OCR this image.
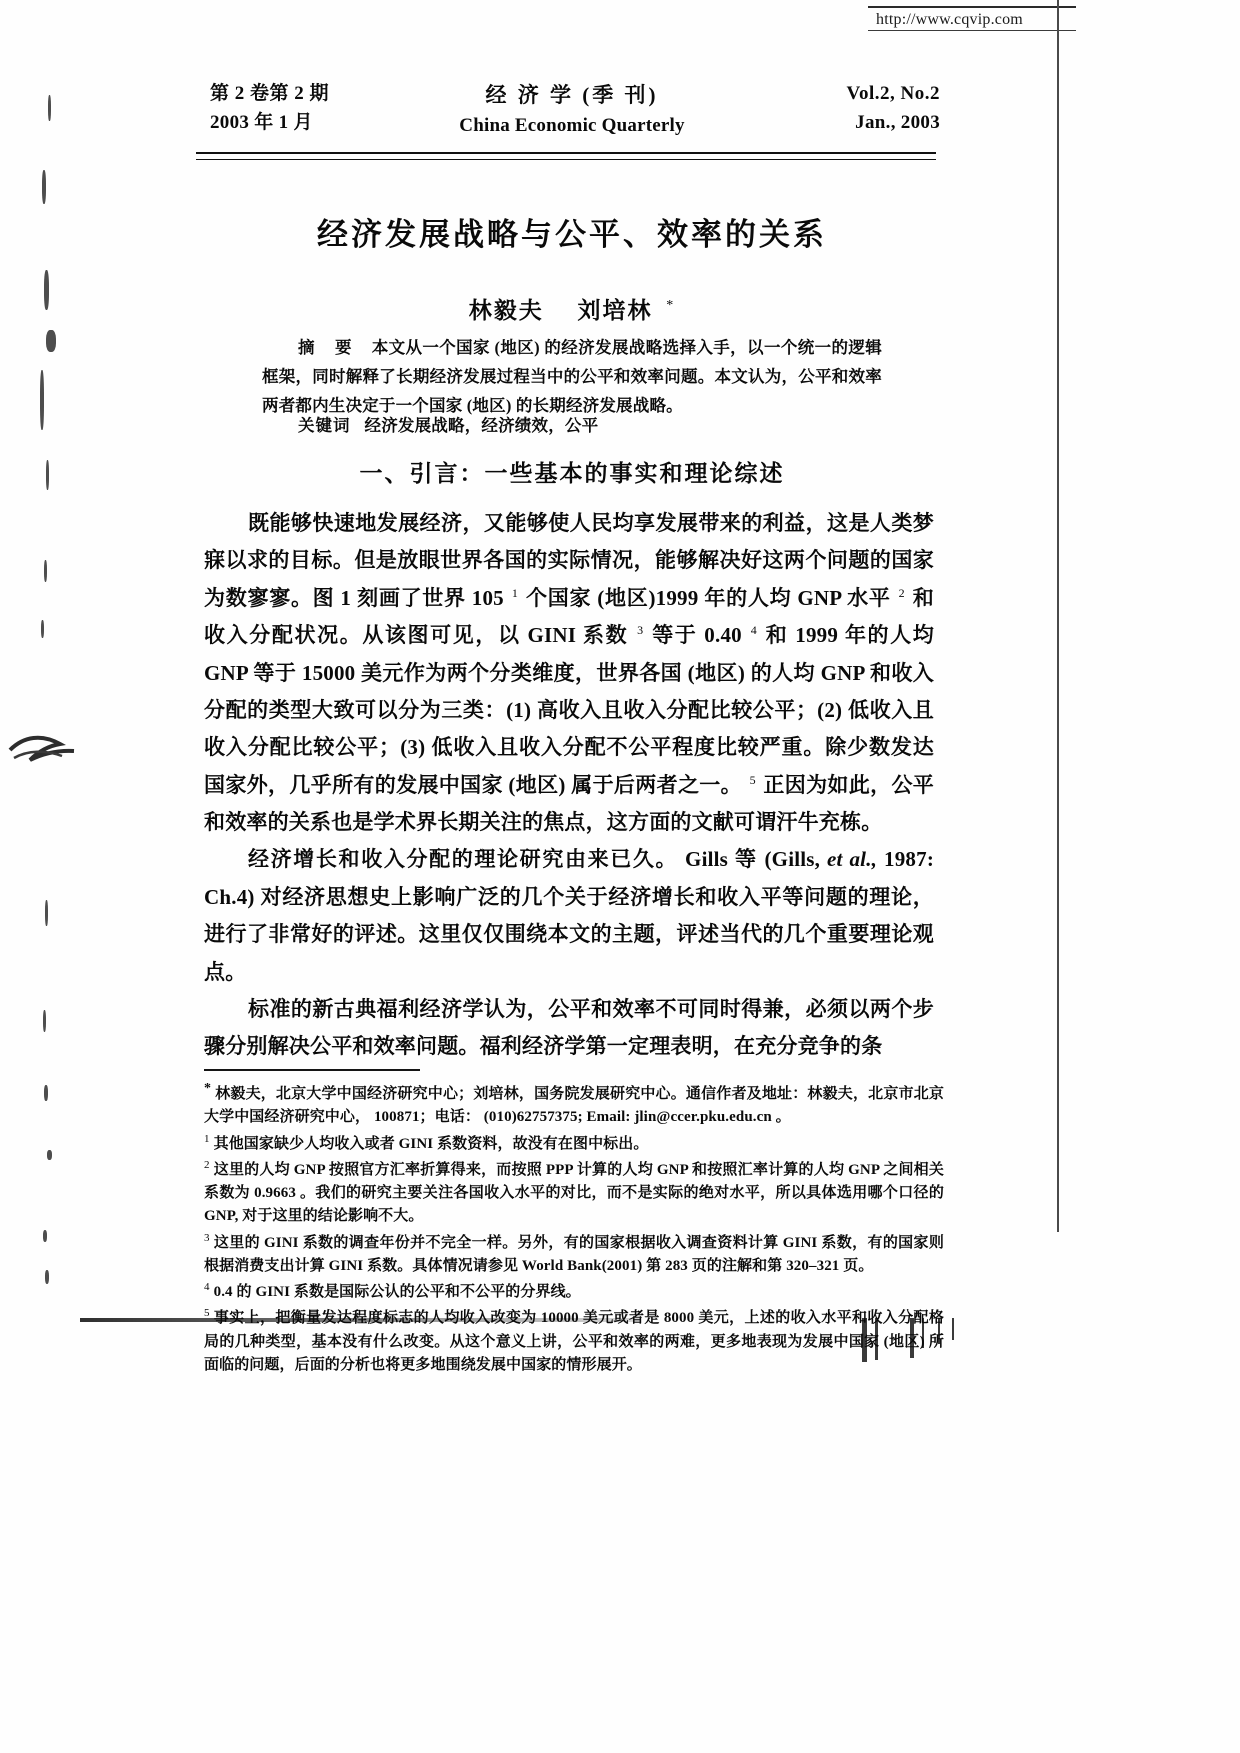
http://www.cqvip.com
第 2 卷第 2 期
2003 年 1 月
经 济 学 (季 刊)
China Economic Quarterly
Vol.2, No.2
Jan., 2003
经济发展战略与公平、效率的关系
林毅夫 刘培林 *

摘 要 本文从一个国家 (地区) 的经济发展战略选择入手，以一个统一的逻辑框架，同时解释了长期经济发展过程当中的公平和效率问题。本文认为，公平和效率两者都内生决定于一个国家 (地区) 的长期经济发展战略。

关键词 经济发展战略，经济绩效，公平
一、引言：一些基本的事实和理论综述

既能够快速地发展经济，又能够使人民均享发展带来的利益，这是人类梦寐以求的目标。但是放眼世界各国的实际情况，能够解决好这两个问题的国家为数寥寥。图 1 刻画了世界 105 $^1$ 个国家 (地区)1999 年的人均 GNP 水平 $^2$ 和收入分配状况。从该图可见，以 GINI 系数 $^3$ 等于 0.40 $^4$ 和 1999 年的人均 GNP 等于 15000 美元作为两个分类维度，世界各国 (地区) 的人均 GNP 和收入分配的类型大致可以分为三类：(1) 高收入且收入分配比较公平；(2) 低收入且收入分配比较公平；(3) 低收入且收入分配不公平程度比较严重。除少数发达国家外，几乎所有的发展中国家 (地区) 属于后两者之一。 $^5$ 正因为如此，公平和效率的关系也是学术界长期关注的焦点，这方面的文献可谓汗牛充栋。

经济增长和收入分配的理论研究由来已久。 Gills 等 (Gills, et al., 1987: Ch.4) 对经济思想史上影响广泛的几个关于经济增长和收入平等问题的理论，进行了非常好的评述。这里仅仅围绕本文的主题，评述当代的几个重要理论观点。

标准的新古典福利经济学认为，公平和效率不可同时得兼，必须以两个步骤分别解决公平和效率问题。福利经济学第一定理表明，在充分竞争的条

* 林毅夫，北京大学中国经济研究中心；刘培林，国务院发展研究中心。通信作者及地址：林毅夫，北京市北京大学中国经济研究中心， 100871；电话： (010)62757375; Email: jlin@ccer.pku.edu.cn 。

$^1$ 其他国家缺少人均收入或者 GINI 系数资料，故没有在图中标出。

$^2$ 这里的人均 GNP 按照官方汇率折算得来，而按照 PPP 计算的人均 GNP 和按照汇率计算的人均 GNP 之间相关系数为 0.9663 。我们的研究主要关注各国收入水平的对比，而不是实际的绝对水平，所以具体选用哪个口径的 GNP, 对于这里的结论影响不大。

$^3$ 这里的 GINI 系数的调查年份并不完全一样。另外，有的国家根据收入调查资料计算 GINI 系数，有的国家则根据消费支出计算 GINI 系数。具体情况请参见 World Bank(2001) 第 283 页的注解和第 320–321 页。

$^4$ 0.4 的 GINI 系数是国际公认的公平和不公平的分界线。

$^5$ 事实上，把衡量发达程度标志的人均收入改变为 10000 美元或者是 8000 美元，上述的收入水平和收入分配格局的几种类型，基本没有什么改变。从这个意义上讲，公平和效率的两难，更多地表现为发展中国家 (地区) 所面临的问题，后面的分析也将更多地围绕发展中国家的情形展开。
